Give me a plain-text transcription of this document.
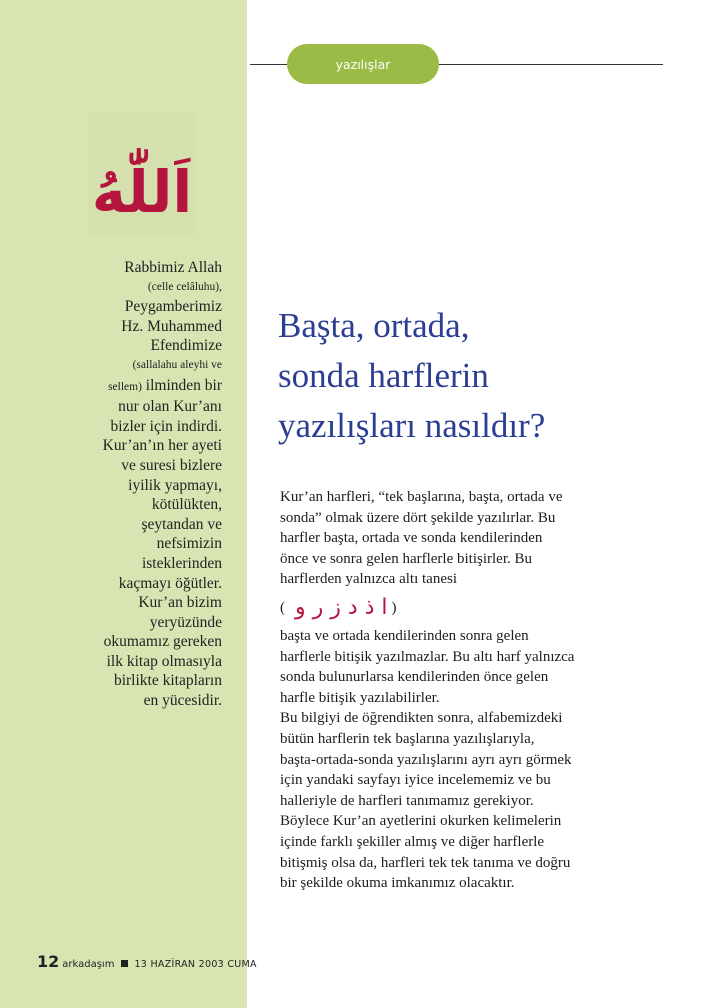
اَللّٰهُ
Rabbimiz Allah
(celle celâluhu),
Peygamberimiz
Hz. Muhammed
Efendimize
(sallalahu aleyhi ve
sellem) ilminden bir
nur olan Kur’anı
bizler için indirdi.
Kur’an’ın her ayeti
ve suresi bizlere
iyilik yapmayı,
kötülükten,
şeytandan ve
nefsimizin
isteklerinden
kaçmayı öğütler.
Kur’an bizim
yeryüzünde
okumamız gereken
ilk kitap olmasıyla
birlikte kitapların
en yücesidir.
yazılışlar
Başta, ortada,
sonda harflerin
yazılışları nasıldır?

Kur’an harfleri, “tek başlarına, başta, ortada ve

sonda” olmak üzere dört şekilde yazılırlar. Bu

harfler başta, ortada ve sonda kendilerinden

önce ve sonra gelen harflerle bitişirler. Bu

harflerden yalnızca altı tanesi

( ا ذ د ز ر و )

başta ve ortada kendilerinden sonra gelen

harflerle bitişik yazılmazlar. Bu altı harf yalnızca

sonda bulunurlarsa kendilerinden önce gelen

harfle bitişik yazılabilirler.

Bu bilgiyi de öğrendikten sonra, alfabemizdeki

bütün harflerin tek başlarına yazılışlarıyla,

başta-ortada-sonda yazılışlarını ayrı ayrı görmek

için yandaki sayfayı iyice incelememiz ve bu

halleriyle de harfleri tanımamız gerekiyor.

Böylece Kur’an ayetlerini okurken kelimelerin

içinde farklı şekiller almış ve diğer harflerle

bitişmiş olsa da, harfleri tek tek tanıma ve doğru

bir şekilde okuma imkanımız olacaktır.

12 arkadaşım 13 HAZİRAN 2003 CUMA
